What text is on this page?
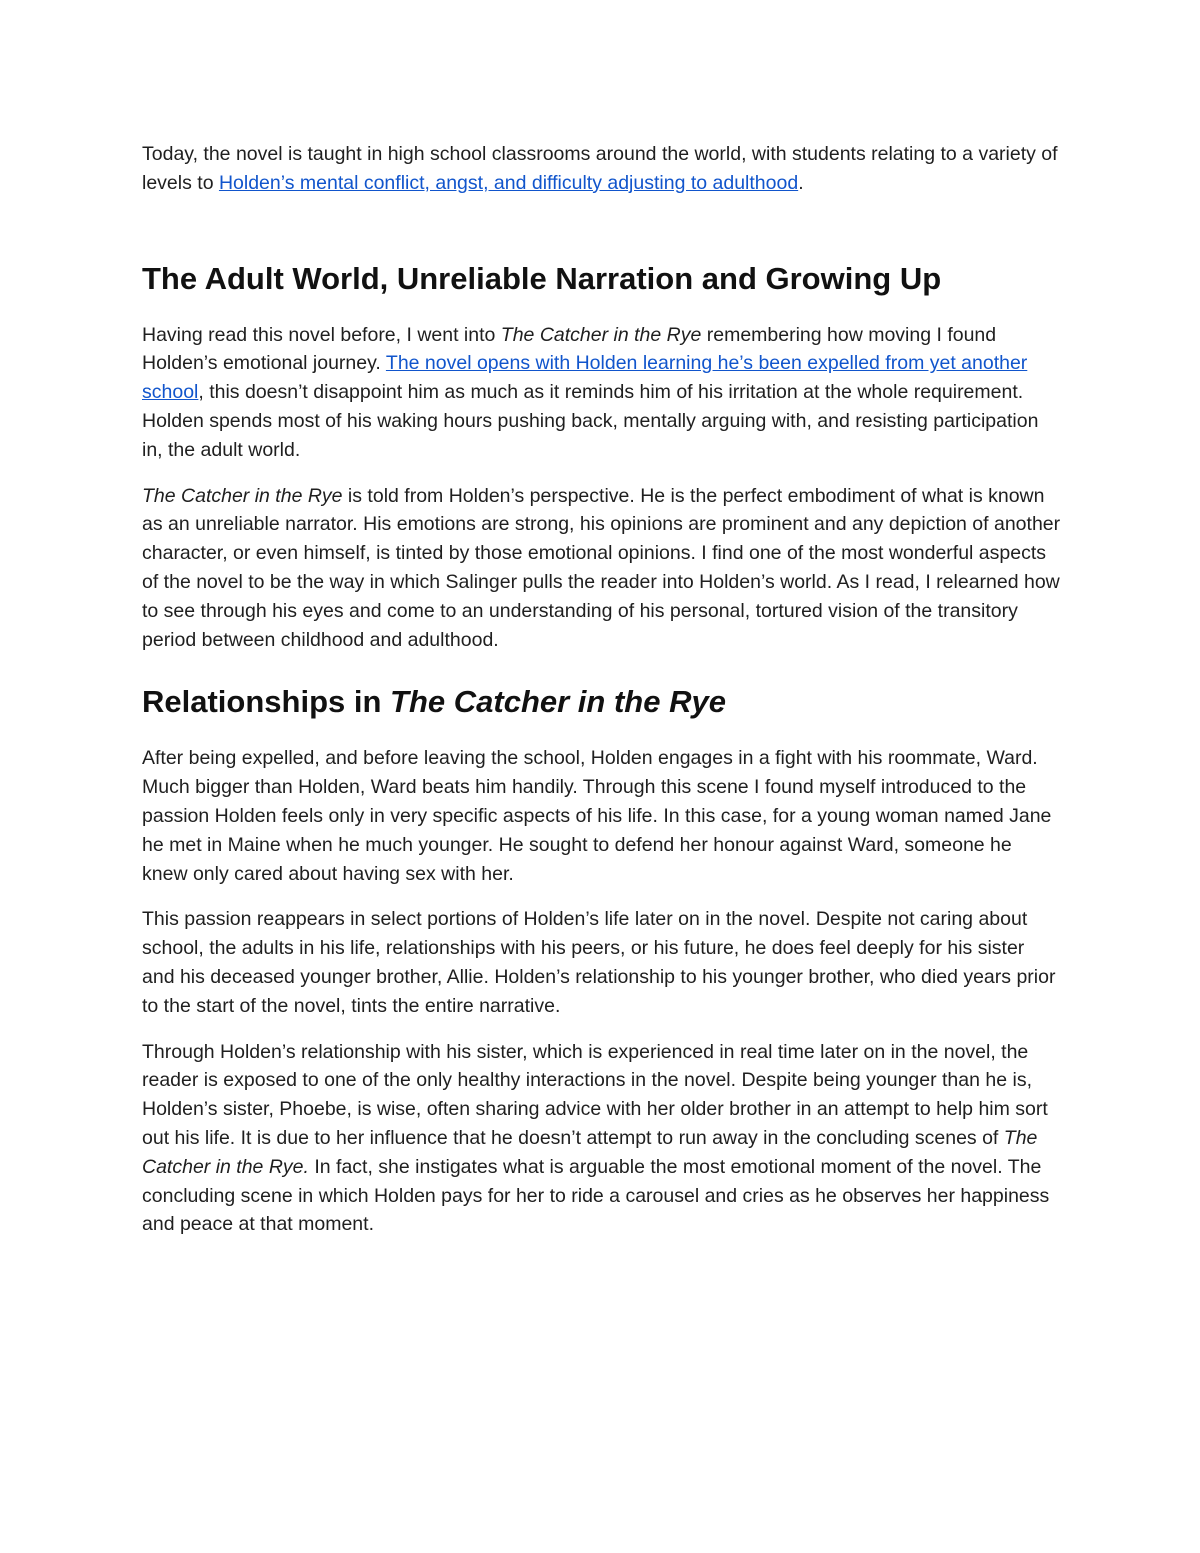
Today, the novel is taught in high school classrooms around the world, with students relating to a variety of levels to Holden’s mental conflict, angst, and difficulty adjusting to adulthood.

The Adult World, Unreliable Narration and Growing Up

Having read this novel before, I went into The Catcher in the Rye remembering how moving I found Holden’s emotional journey. The novel opens with Holden learning he’s been expelled from yet another school, this doesn’t disappoint him as much as it reminds him of his irritation at the whole requirement. Holden spends most of his waking hours pushing back, mentally arguing with, and resisting participation in, the adult world.

The Catcher in the Rye is told from Holden’s perspective. He is the perfect embodiment of what is known as an unreliable narrator. His emotions are strong, his opinions are prominent and any depiction of another character, or even himself, is tinted by those emotional opinions. I find one of the most wonderful aspects of the novel to be the way in which Salinger pulls the reader into Holden’s world. As I read, I relearned how to see through his eyes and come to an understanding of his personal, tortured vision of the transitory period between childhood and adulthood.

Relationships in The Catcher in the Rye

After being expelled, and before leaving the school, Holden engages in a fight with his roommate, Ward. Much bigger than Holden, Ward beats him handily. Through this scene I found myself introduced to the passion Holden feels only in very specific aspects of his life. In this case, for a young woman named Jane he met in Maine when he much younger. He sought to defend her honour against Ward, someone he knew only cared about having sex with her.

This passion reappears in select portions of Holden’s life later on in the novel. Despite not caring about school, the adults in his life, relationships with his peers, or his future, he does feel deeply for his sister and his deceased younger brother, Allie. Holden’s relationship to his younger brother, who died years prior to the start of the novel, tints the entire narrative.

Through Holden’s relationship with his sister, which is experienced in real time later on in the novel, the reader is exposed to one of the only healthy interactions in the novel. Despite being younger than he is, Holden’s sister, Phoebe, is wise, often sharing advice with her older brother in an attempt to help him sort out his life. It is due to her influence that he doesn’t attempt to run away in the concluding scenes of The Catcher in the Rye. In fact, she instigates what is arguable the most emotional moment of the novel. The concluding scene in which Holden pays for her to ride a carousel and cries as he observes her happiness and peace at that moment.
